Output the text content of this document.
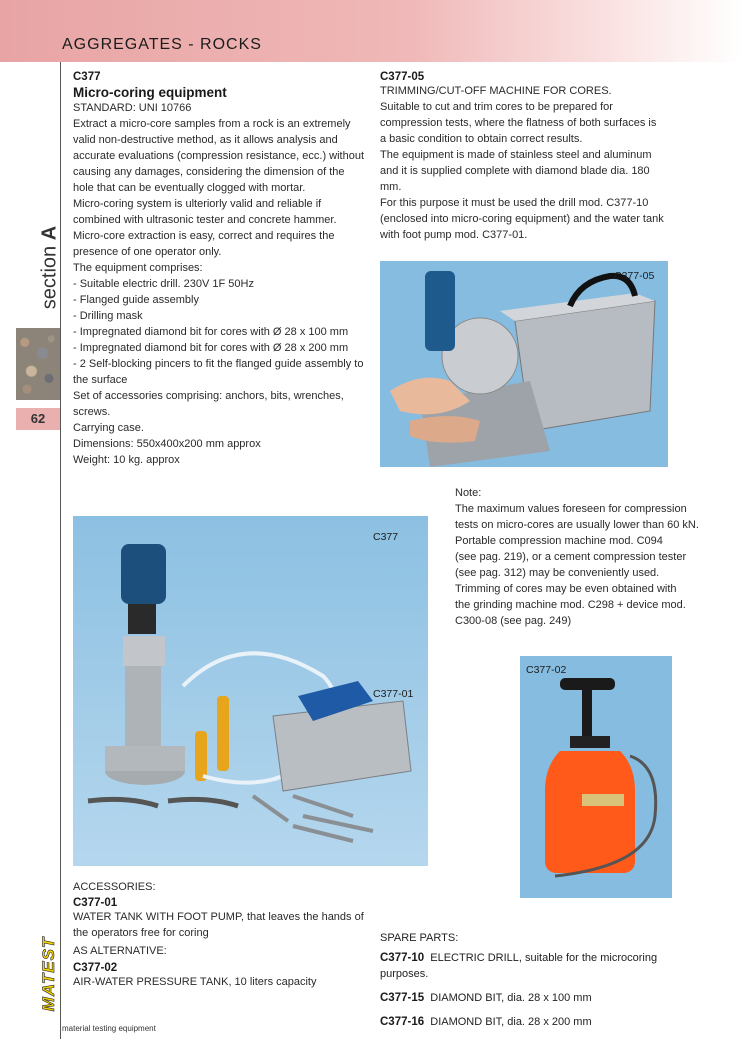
AGGREGATES - ROCKS
section A
62
C377
Micro-coring equipment
STANDARD: UNI 10766
Extract a micro-core samples from a rock is an extremely valid non-destructive method, as it allows analysis and accurate evaluations (compression resistance, ecc.) without causing any damages, considering the dimension of the hole that can be eventually clogged with mortar.
Micro-coring system is ulteriorly valid and reliable if combined with ultrasonic tester and concrete hammer.
Micro-core extraction is easy, correct and requires the presence of one operator only.
The equipment comprises:
- Suitable electric drill. 230V 1F 50Hz
- Flanged guide assembly
- Drilling mask
- Impregnated diamond bit for cores with Ø 28 x 100 mm
- Impregnated diamond bit for cores with Ø 28 x 200 mm
- 2 Self-blocking pincers to fit the flanged guide assembly to the surface
Set of accessories comprising: anchors, bits, wrenches, screws.
Carrying case.
Dimensions: 550x400x200 mm approx
Weight: 10 kg. approx
C377-05
TRIMMING/CUT-OFF MACHINE FOR CORES.
Suitable to cut and trim cores to be prepared for compression tests, where the flatness of both surfaces is a basic condition to obtain correct results.
The equipment is made of stainless steel and aluminum and it is supplied complete with diamond blade dia. 180 mm.
For this purpose it must be used the drill mod. C377-10 (enclosed into micro-coring equipment) and the water tank with foot pump mod. C377-01.
C377-05
Note:
The maximum values foreseen for compression
tests on micro-cores are usually lower than 60 kN.
Portable compression machine mod. C094
(see pag. 219), or a cement compression tester
(see pag. 312) may be conveniently used.
Trimming of cores may be even obtained with
the grinding machine mod. C298 + device mod.
C300-08 (see pag. 249)
C377
C377-01
C377-02
ACCESSORIES:
C377-01
WATER TANK WITH FOOT PUMP, that leaves the hands of the operators free for coring
AS ALTERNATIVE:
C377-02
AIR-WATER PRESSURE TANK, 10 liters capacity
SPARE PARTS:
C377-10 ELECTRIC DRILL, suitable for the microcoring purposes.
C377-15 DIAMOND BIT, dia. 28 x 100 mm
C377-16 DIAMOND BIT, dia. 28 x 200 mm
MATEST
material testing equipment
